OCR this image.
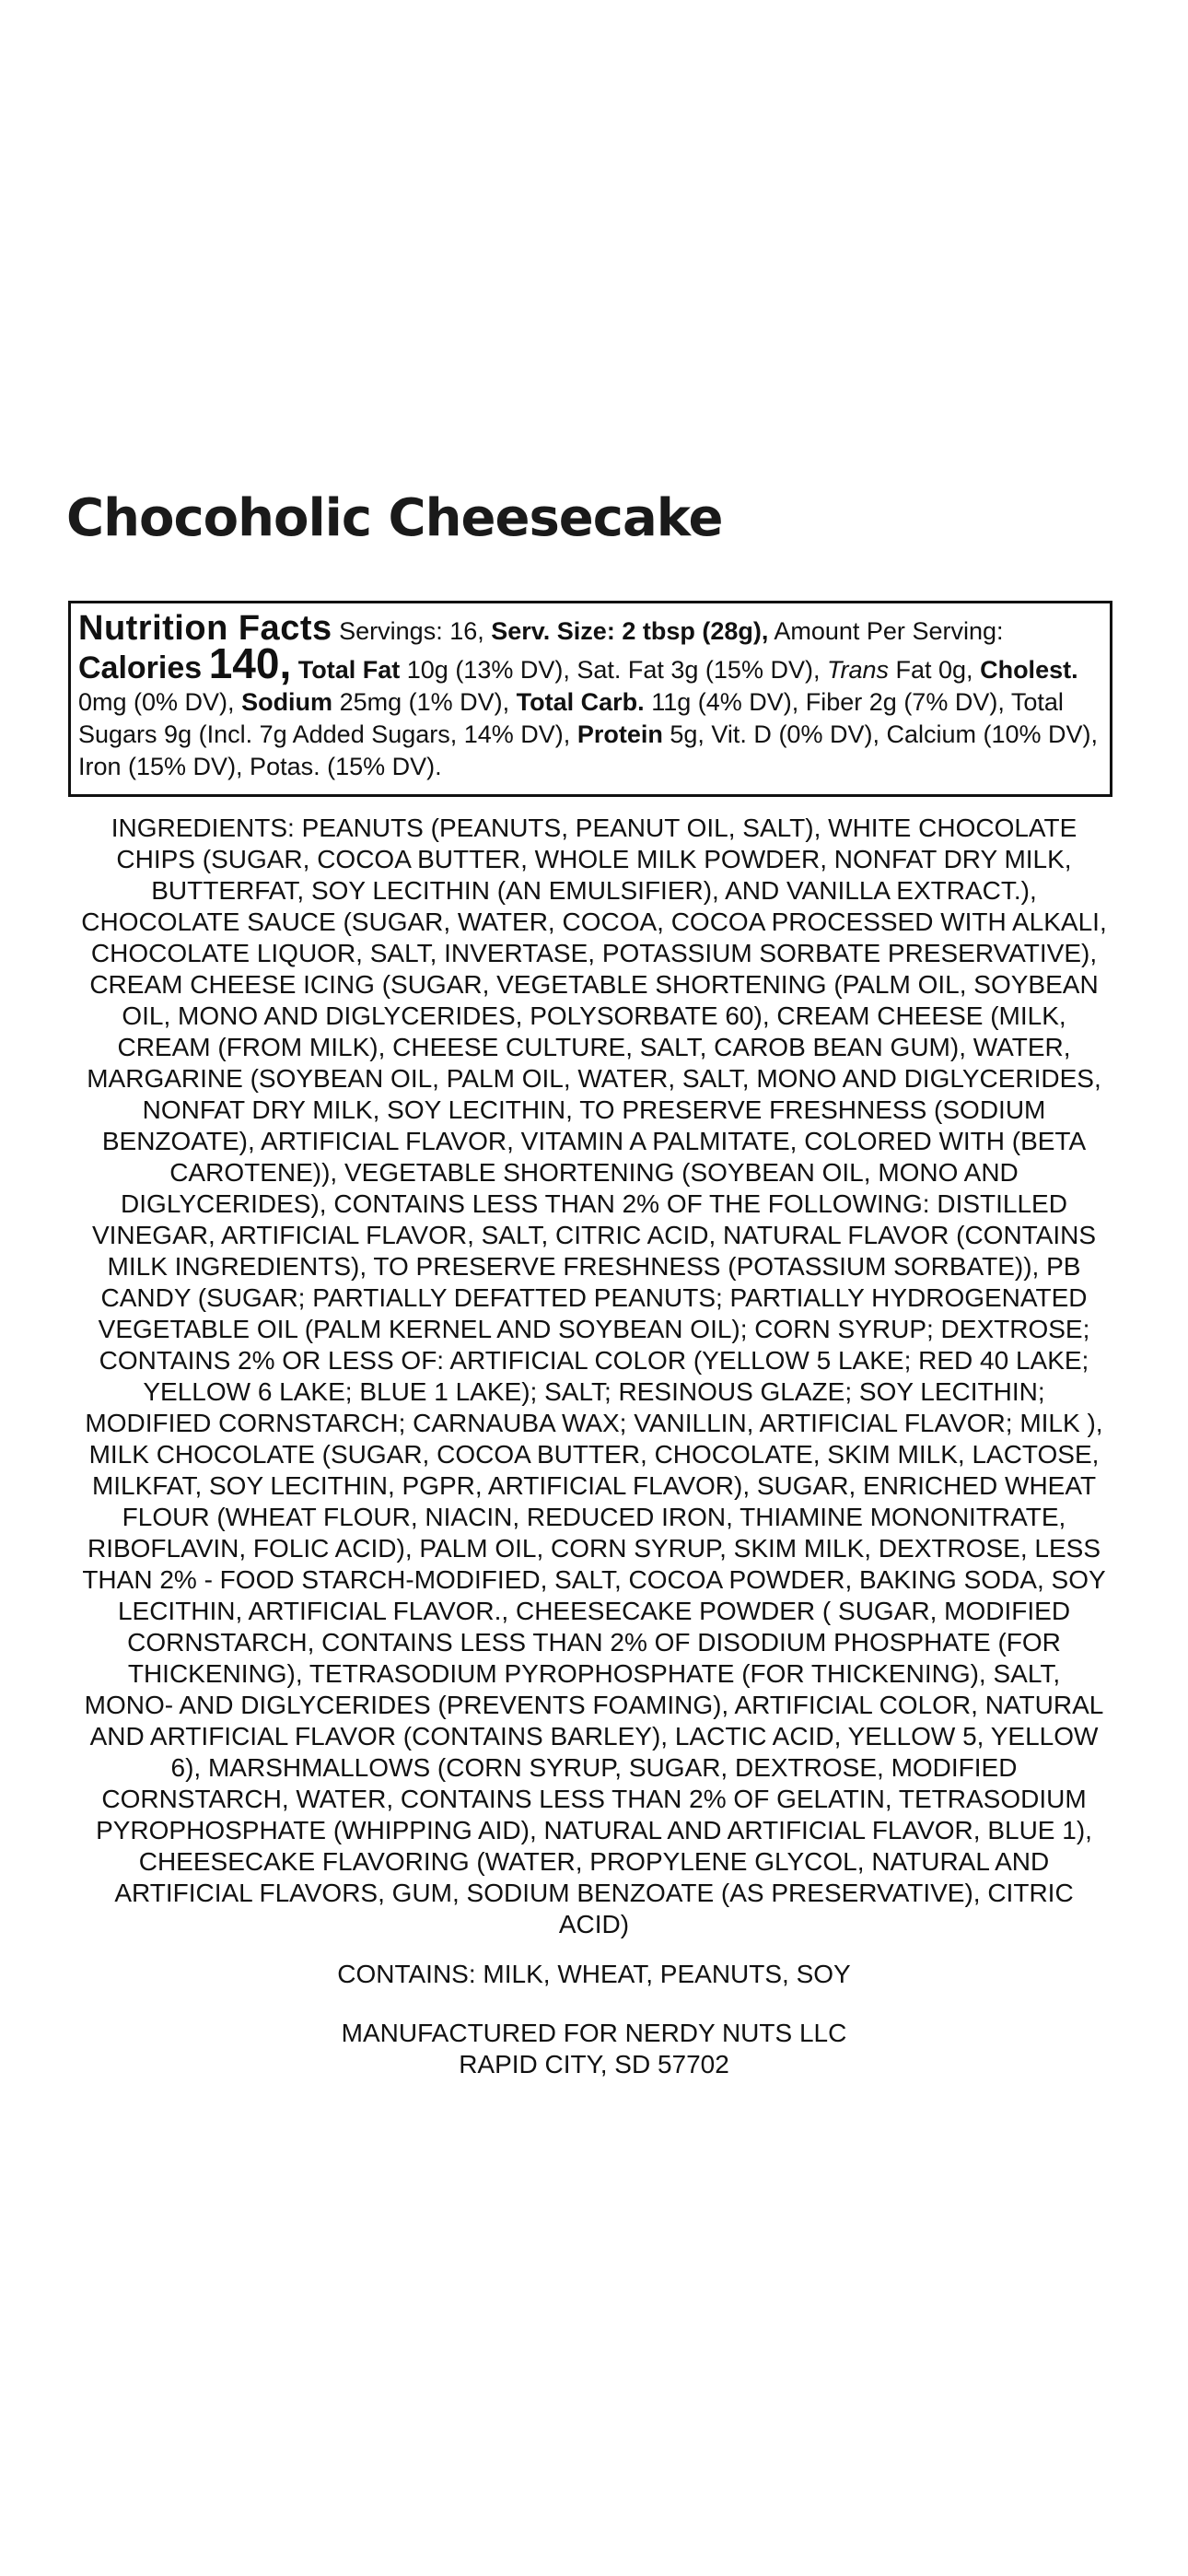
Chocoholic Cheesecake
Nutrition Facts Servings: 16, Serv. Size: 2 tbsp (28g), Amount Per Serving: Calories 140, Total Fat 10g (13% DV), Sat. Fat 3g (15% DV), Trans Fat 0g, Cholest. 0mg (0% DV), Sodium 25mg (1% DV), Total Carb. 11g (4% DV), Fiber 2g (7% DV), Total Sugars 9g (Incl. 7g Added Sugars, 14% DV), Protein 5g, Vit. D (0% DV), Calcium (10% DV), Iron (15% DV), Potas. (15% DV).

INGREDIENTS: PEANUTS (PEANUTS, PEANUT OIL, SALT), WHITE CHOCOLATE
CHIPS (SUGAR, COCOA BUTTER, WHOLE MILK POWDER, NONFAT DRY MILK,
BUTTERFAT, SOY LECITHIN (AN EMULSIFIER), AND VANILLA EXTRACT.),
CHOCOLATE SAUCE (SUGAR, WATER, COCOA, COCOA PROCESSED WITH ALKALI,
CHOCOLATE LIQUOR, SALT, INVERTASE, POTASSIUM SORBATE PRESERVATIVE),
CREAM CHEESE ICING (SUGAR, VEGETABLE SHORTENING (PALM OIL, SOYBEAN
OIL, MONO AND DIGLYCERIDES, POLYSORBATE 60), CREAM CHEESE (MILK,
CREAM (FROM MILK), CHEESE CULTURE, SALT, CAROB BEAN GUM), WATER,
MARGARINE (SOYBEAN OIL, PALM OIL, WATER, SALT, MONO AND DIGLYCERIDES,
NONFAT DRY MILK, SOY LECITHIN, TO PRESERVE FRESHNESS (SODIUM
BENZOATE), ARTIFICIAL FLAVOR, VITAMIN A PALMITATE, COLORED WITH (BETA
CAROTENE)), VEGETABLE SHORTENING (SOYBEAN OIL, MONO AND
DIGLYCERIDES), CONTAINS LESS THAN 2% OF THE FOLLOWING: DISTILLED
VINEGAR, ARTIFICIAL FLAVOR, SALT, CITRIC ACID, NATURAL FLAVOR (CONTAINS
MILK INGREDIENTS), TO PRESERVE FRESHNESS (POTASSIUM SORBATE)), PB
CANDY (SUGAR; PARTIALLY DEFATTED PEANUTS; PARTIALLY HYDROGENATED
VEGETABLE OIL (PALM KERNEL AND SOYBEAN OIL); CORN SYRUP; DEXTROSE;
CONTAINS 2% OR LESS OF: ARTIFICIAL COLOR (YELLOW 5 LAKE; RED 40 LAKE;
YELLOW 6 LAKE; BLUE 1 LAKE); SALT; RESINOUS GLAZE; SOY LECITHIN;
MODIFIED CORNSTARCH; CARNAUBA WAX; VANILLIN, ARTIFICIAL FLAVOR; MILK ),
MILK CHOCOLATE (SUGAR, COCOA BUTTER, CHOCOLATE, SKIM MILK, LACTOSE,
MILKFAT, SOY LECITHIN, PGPR, ARTIFICIAL FLAVOR), SUGAR, ENRICHED WHEAT
FLOUR (WHEAT FLOUR, NIACIN, REDUCED IRON, THIAMINE MONONITRATE,
RIBOFLAVIN, FOLIC ACID), PALM OIL, CORN SYRUP, SKIM MILK, DEXTROSE, LESS
THAN 2% - FOOD STARCH-MODIFIED, SALT, COCOA POWDER, BAKING SODA, SOY
LECITHIN, ARTIFICIAL FLAVOR., CHEESECAKE POWDER ( SUGAR, MODIFIED
CORNSTARCH, CONTAINS LESS THAN 2% OF DISODIUM PHOSPHATE (FOR
THICKENING), TETRASODIUM PYROPHOSPHATE (FOR THICKENING), SALT,
MONO- AND DIGLYCERIDES (PREVENTS FOAMING), ARTIFICIAL COLOR, NATURAL
AND ARTIFICIAL FLAVOR (CONTAINS BARLEY), LACTIC ACID, YELLOW 5, YELLOW
6), MARSHMALLOWS (CORN SYRUP, SUGAR, DEXTROSE, MODIFIED
CORNSTARCH, WATER, CONTAINS LESS THAN 2% OF GELATIN, TETRASODIUM
PYROPHOSPHATE (WHIPPING AID), NATURAL AND ARTIFICIAL FLAVOR, BLUE 1),
CHEESECAKE FLAVORING (WATER, PROPYLENE GLYCOL, NATURAL AND
ARTIFICIAL FLAVORS, GUM, SODIUM BENZOATE (AS PRESERVATIVE), CITRIC
ACID)

CONTAINS: MILK, WHEAT, PEANUTS, SOY
MANUFACTURED FOR NERDY NUTS LLC
RAPID CITY, SD 57702
